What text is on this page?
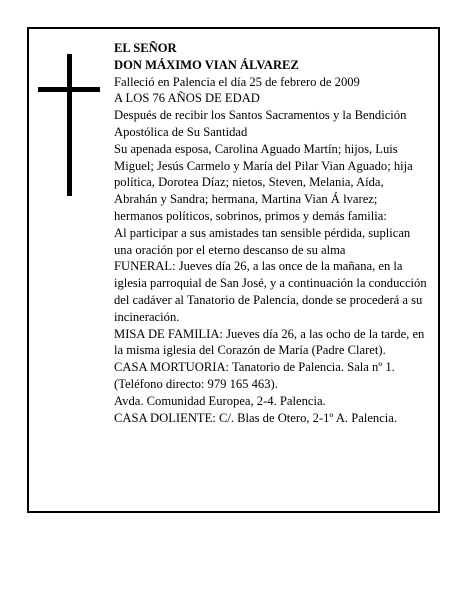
EL SEÑOR

DON MÁXIMO VIAN ÁLVAREZ

Falleció en Palencia el día 25 de febrero de 2009

A LOS 76 AÑOS DE EDAD

Después de recibir los Santos Sacramentos y la Bendición Apostólica de Su Santidad

Su apenada esposa, Carolina Aguado Martín; hijos, Luis Miguel; Jesús Carmelo y María del Pilar Vian Aguado; hija política, Dorotea Díaz; nietos, Steven, Melania, Aída, Abrahán y Sandra; hermana, Martina Vian Á lvarez; hermanos políticos, sobrinos, primos y demás familia:

Al participar a sus amistades tan sensible pérdida, suplican una oración por el eterno descanso de su alma

FUNERAL: Jueves día 26, a las once de la mañana, en la iglesia parroquial de San José, y a continuación la conducción del cadáver al Tanatorio de Palencia, donde se procederá a su incineración.

MISA DE FAMILIA: Jueves día 26, a las ocho de la tarde, en la misma iglesia del Corazón de María (Padre Claret).

CASA MORTUORIA: Tanatorio de Palencia. Sala nº 1. (Teléfono directo: 979 165 463).

Avda. Comunidad Europea, 2-4. Palencia.

CASA DOLIENTE: C/. Blas de Otero, 2-1º A. Palencia.
